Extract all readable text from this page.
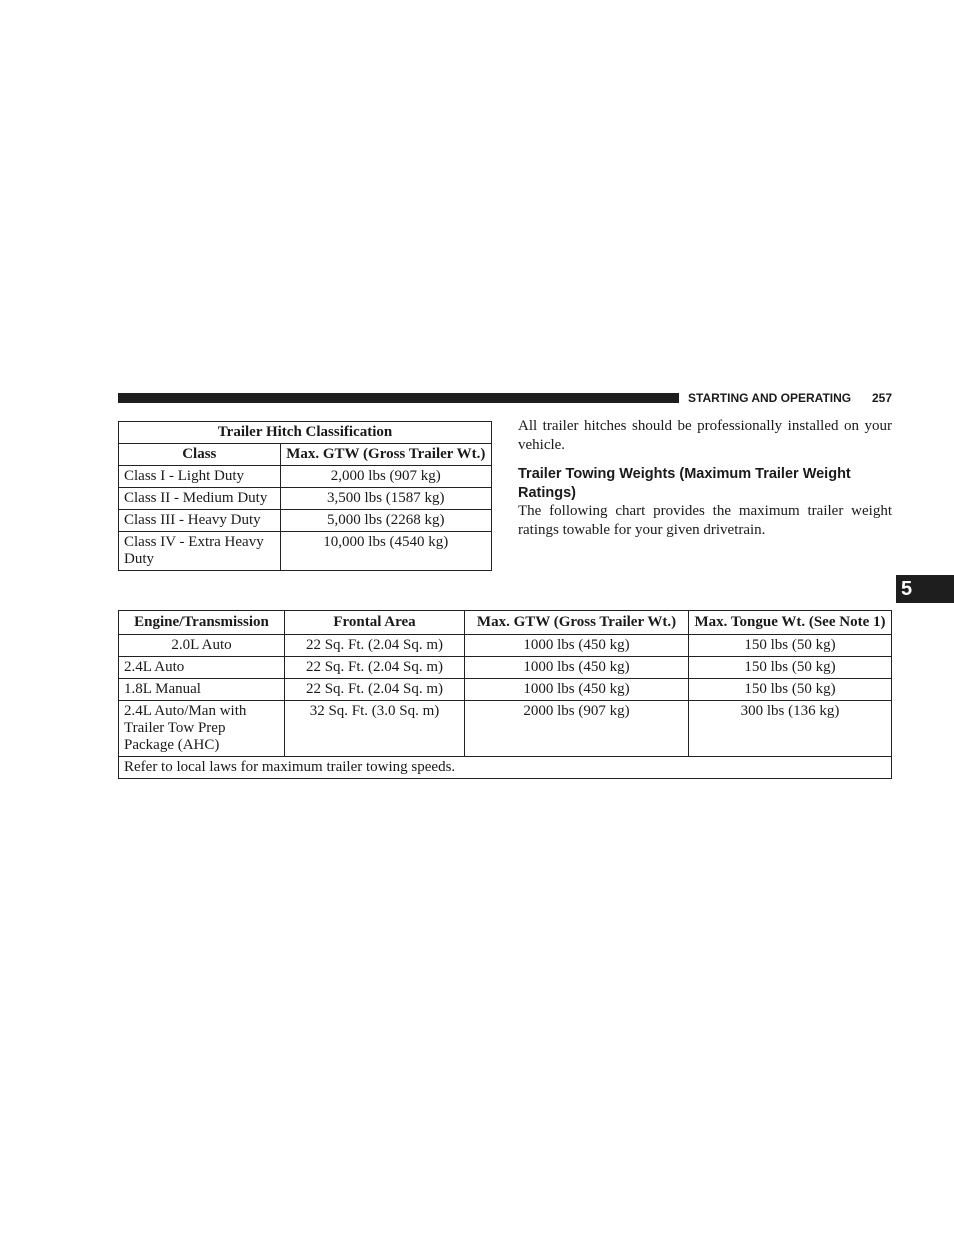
STARTING AND OPERATING 257
5
Trailer Hitch Classification	
Class	Max. GTW (Gross Trailer Wt.)
Class I - Light Duty	2,000 lbs (907 kg)
Class II - Medium Duty	3,500 lbs (1587 kg)
Class III - Heavy Duty	5,000 lbs (2268 kg)
Class IV - Extra Heavy Duty	10,000 lbs (4540 kg)

All trailer hitches should be professionally installed on your vehicle.

Trailer Towing Weights (Maximum Trailer Weight Ratings)

The following chart provides the maximum trailer weight ratings towable for your given drivetrain.

Engine/Transmission	Frontal Area	Max. GTW (Gross Trailer Wt.)	Max. Tongue Wt. (See Note 1)
2.0L Auto	22 Sq. Ft. (2.04 Sq. m)	1000 lbs (450 kg)	150 lbs (50 kg)
2.4L Auto	22 Sq. Ft. (2.04 Sq. m)	1000 lbs (450 kg)	150 lbs (50 kg)
1.8L Manual	22 Sq. Ft. (2.04 Sq. m)	1000 lbs (450 kg)	150 lbs (50 kg)
2.4L Auto/Man with Trailer Tow Prep Package (AHC)	32 Sq. Ft. (3.0 Sq. m)	2000 lbs (907 kg)	300 lbs (136 kg)
Refer to local laws for maximum trailer towing speeds.			
